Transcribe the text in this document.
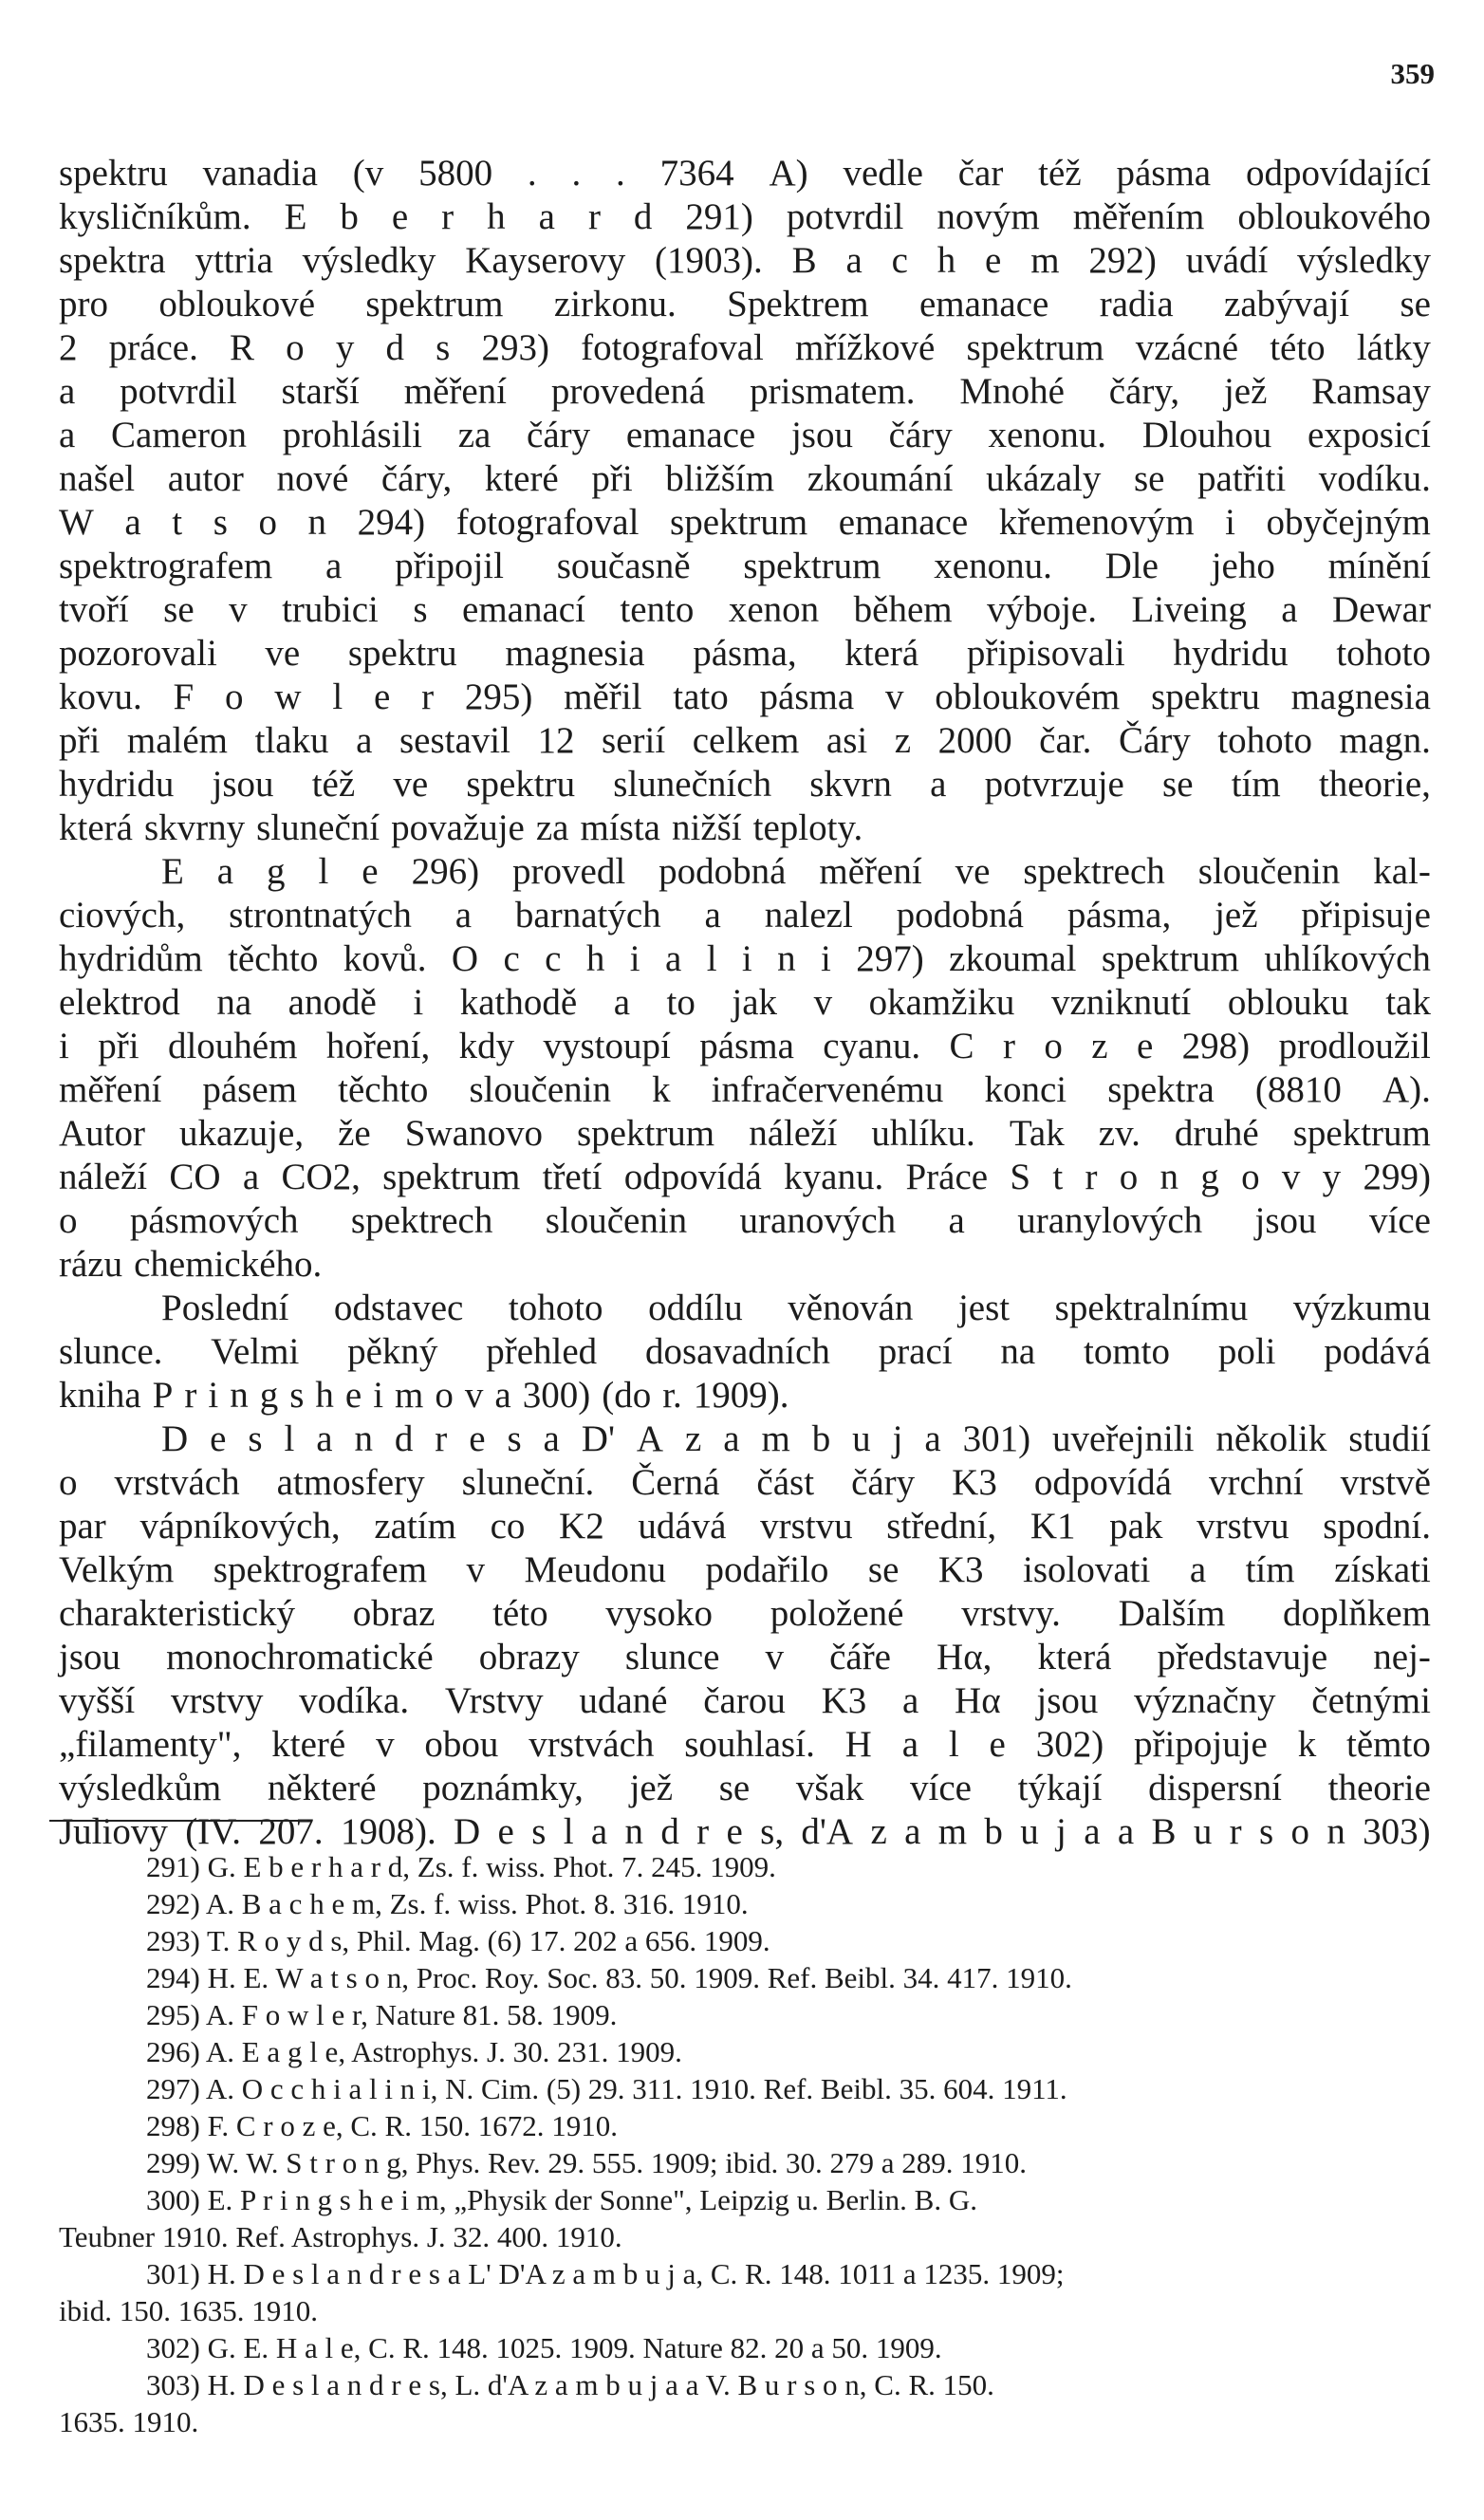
359
spektru vanadia (v 5800 . . . 7364 A) vedle čar též pásma odpovídající
kysličníkům. E b e r h a r d 291) potvrdil novým měřením obloukového
spektra yttria výsledky Kayserovy (1903). B a c h e m 292) uvádí výsledky
pro obloukové spektrum zirkonu. Spektrem emanace radia zabývají se
2 práce. R o y d s 293) fotografoval mřížkové spektrum vzácné této látky
a potvrdil starší měření provedená prismatem. Mnohé čáry, jež Ramsay
a Cameron prohlásili za čáry emanace jsou čáry xenonu. Dlouhou exposicí
našel autor nové čáry, které při bližším zkoumání ukázaly se patřiti vodíku.
W a t s o n 294) fotografoval spektrum emanace křemenovým i obyčejným
spektrografem a připojil současně spektrum xenonu. Dle jeho mínění
tvoří se v trubici s emanací tento xenon během výboje. Liveing a Dewar
pozorovali ve spektru magnesia pásma, která připisovali hydridu tohoto
kovu. F o w l e r 295) měřil tato pásma v obloukovém spektru magnesia
při malém tlaku a sestavil 12 serií celkem asi z 2000 čar. Čáry tohoto magn.
hydridu jsou též ve spektru slunečních skvrn a potvrzuje se tím theorie,
která skvrny sluneční považuje za místa nižší teploty.
E a g l e 296) provedl podobná měření ve spektrech sloučenin kal-
ciových, strontnatých a barnatých a nalezl podobná pásma, jež připisuje
hydridům těchto kovů. O c c h i a l i n i 297) zkoumal spektrum uhlíkových
elektrod na anodě i kathodě a to jak v okamžiku vzniknutí oblouku tak
i při dlouhém hoření, kdy vystoupí pásma cyanu. C r o z e 298) prodloužil
měření pásem těchto sloučenin k infračervenému konci spektra (8810 A).
Autor ukazuje, že Swanovo spektrum náleží uhlíku. Tak zv. druhé spektrum
náleží CO a CO2, spektrum třetí odpovídá kyanu. Práce S t r o n g o v y 299)
o pásmových spektrech sloučenin uranových a uranylových jsou více
rázu chemického.
Poslední odstavec tohoto oddílu věnován jest spektralnímu výzkumu
slunce. Velmi pěkný přehled dosavadních prací na tomto poli podává
kniha P r i n g s h e i m o v a 300) (do r. 1909).
D e s l a n d r e s a D' A z a m b u j a 301) uveřejnili několik studií
o vrstvách atmosfery sluneční. Černá část čáry K3 odpovídá vrchní vrstvě
par vápníkových, zatím co K2 udává vrstvu střední, K1 pak vrstvu spodní.
Velkým spektrografem v Meudonu podařilo se K3 isolovati a tím získati
charakteristický obraz této vysoko položené vrstvy. Dalším doplňkem
jsou monochromatické obrazy slunce v čáře Hα, která představuje nej-
vyšší vrstvy vodíka. Vrstvy udané čarou K3 a Hα jsou význačny četnými
„filamenty", které v obou vrstvách souhlasí. H a l e 302) připojuje k těmto
výsledkům některé poznámky, jež se však více týkají dispersní theorie
Juliovy (IV. 207. 1908). D e s l a n d r e s, d'A z a m b u j a a B u r s o n 303)
291) G. E b e r h a r d, Zs. f. wiss. Phot. 7. 245. 1909.
292) A. B a c h e m, Zs. f. wiss. Phot. 8. 316. 1910.
293) T. R o y d s, Phil. Mag. (6) 17. 202 a 656. 1909.
294) H. E. W a t s o n, Proc. Roy. Soc. 83. 50. 1909. Ref. Beibl. 34. 417. 1910.
295) A. F o w l e r, Nature 81. 58. 1909.
296) A. E a g l e, Astrophys. J. 30. 231. 1909.
297) A. O c c h i a l i n i, N. Cim. (5) 29. 311. 1910. Ref. Beibl. 35. 604. 1911.
298) F. C r o z e, C. R. 150. 1672. 1910.
299) W. W. S t r o n g, Phys. Rev. 29. 555. 1909; ibid. 30. 279 a 289. 1910.
300) E. P r i n g s h e i m, „Physik der Sonne", Leipzig u. Berlin. B. G.
Teubner 1910. Ref. Astrophys. J. 32. 400. 1910.
301) H. D e s l a n d r e s a L' D'A z a m b u j a, C. R. 148. 1011 a 1235. 1909;
ibid. 150. 1635. 1910.
302) G. E. H a l e, C. R. 148. 1025. 1909. Nature 82. 20 a 50. 1909.
303) H. D e s l a n d r e s, L. d'A z a m b u j a a V. B u r s o n, C. R. 150.
1635. 1910.
